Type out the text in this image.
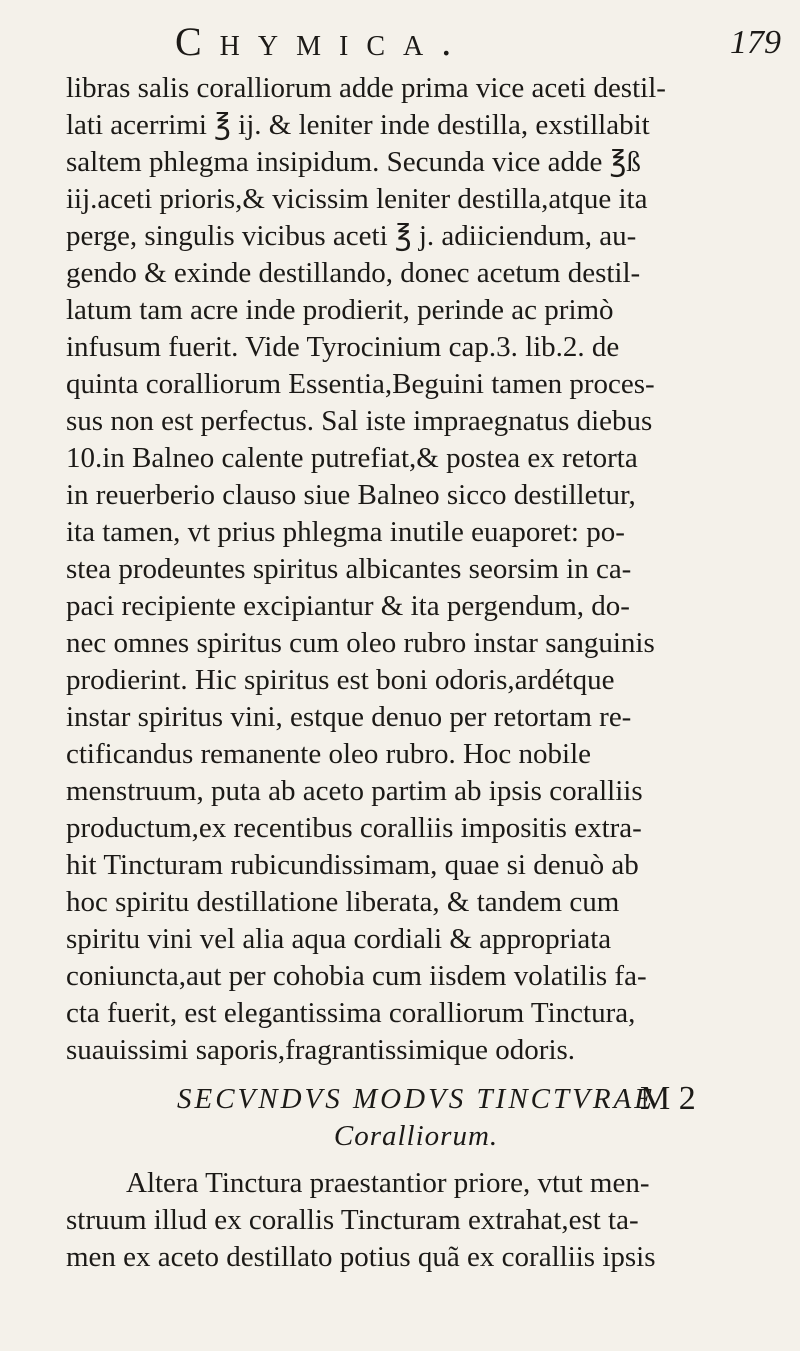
Chymica.	179
libras salis coralliorum adde prima vice aceti destil-
lati acerrimi ℥ ij. & leniter inde destilla, exstillabit
saltem phlegma insipidum. Secunda vice adde ℥ß
iij.aceti prioris,& vicissim leniter destilla,atque ita
perge, singulis vicibus aceti ℥ j. adiiciendum, au-
gendo & exinde destillando, donec acetum destil-
latum tam acre inde prodierit, perinde ac primò
infusum fuerit. Vide Tyrocinium cap.3. lib.2. de
quinta coralliorum Essentia,Beguini tamen proces-
sus non est perfectus. Sal iste impraegnatus diebus
10.in Balneo calente putrefiat,& postea ex retorta
in reuerberio clauso siue Balneo sicco destilletur,
ita tamen, vt prius phlegma inutile euaporet: po-
stea prodeuntes spiritus albicantes seorsim in ca-
paci recipiente excipiantur & ita pergendum, do-
nec omnes spiritus cum oleo rubro instar sanguinis
prodierint. Hic spiritus est boni odoris,ardétque
instar spiritus vini, estque denuo per retortam re-
ctificandus remanente oleo rubro. Hoc nobile
menstruum, puta ab aceto partim ab ipsis coralliis
productum,ex recentibus coralliis impositis extra-
hit Tincturam rubicundissimam, quae si denuò ab
hoc spiritu destillatione liberata, & tandem cum
spiritu vini vel alia aqua cordiali & appropriata
coniuncta,aut per cohobia cum iisdem volatilis fa-
cta fuerit, est elegantissima coralliorum Tinctura,
suauissimi saporis,fragrantissimique odoris.
SECVNDVS MODVS TINCTVRAE
Coralliorum.
Altera Tinctura praestantior priore, vtut men-
struum illud ex corallis Tincturam extrahat,est ta-
men ex aceto destillato potius quã ex coralliis ipsis
M 2
